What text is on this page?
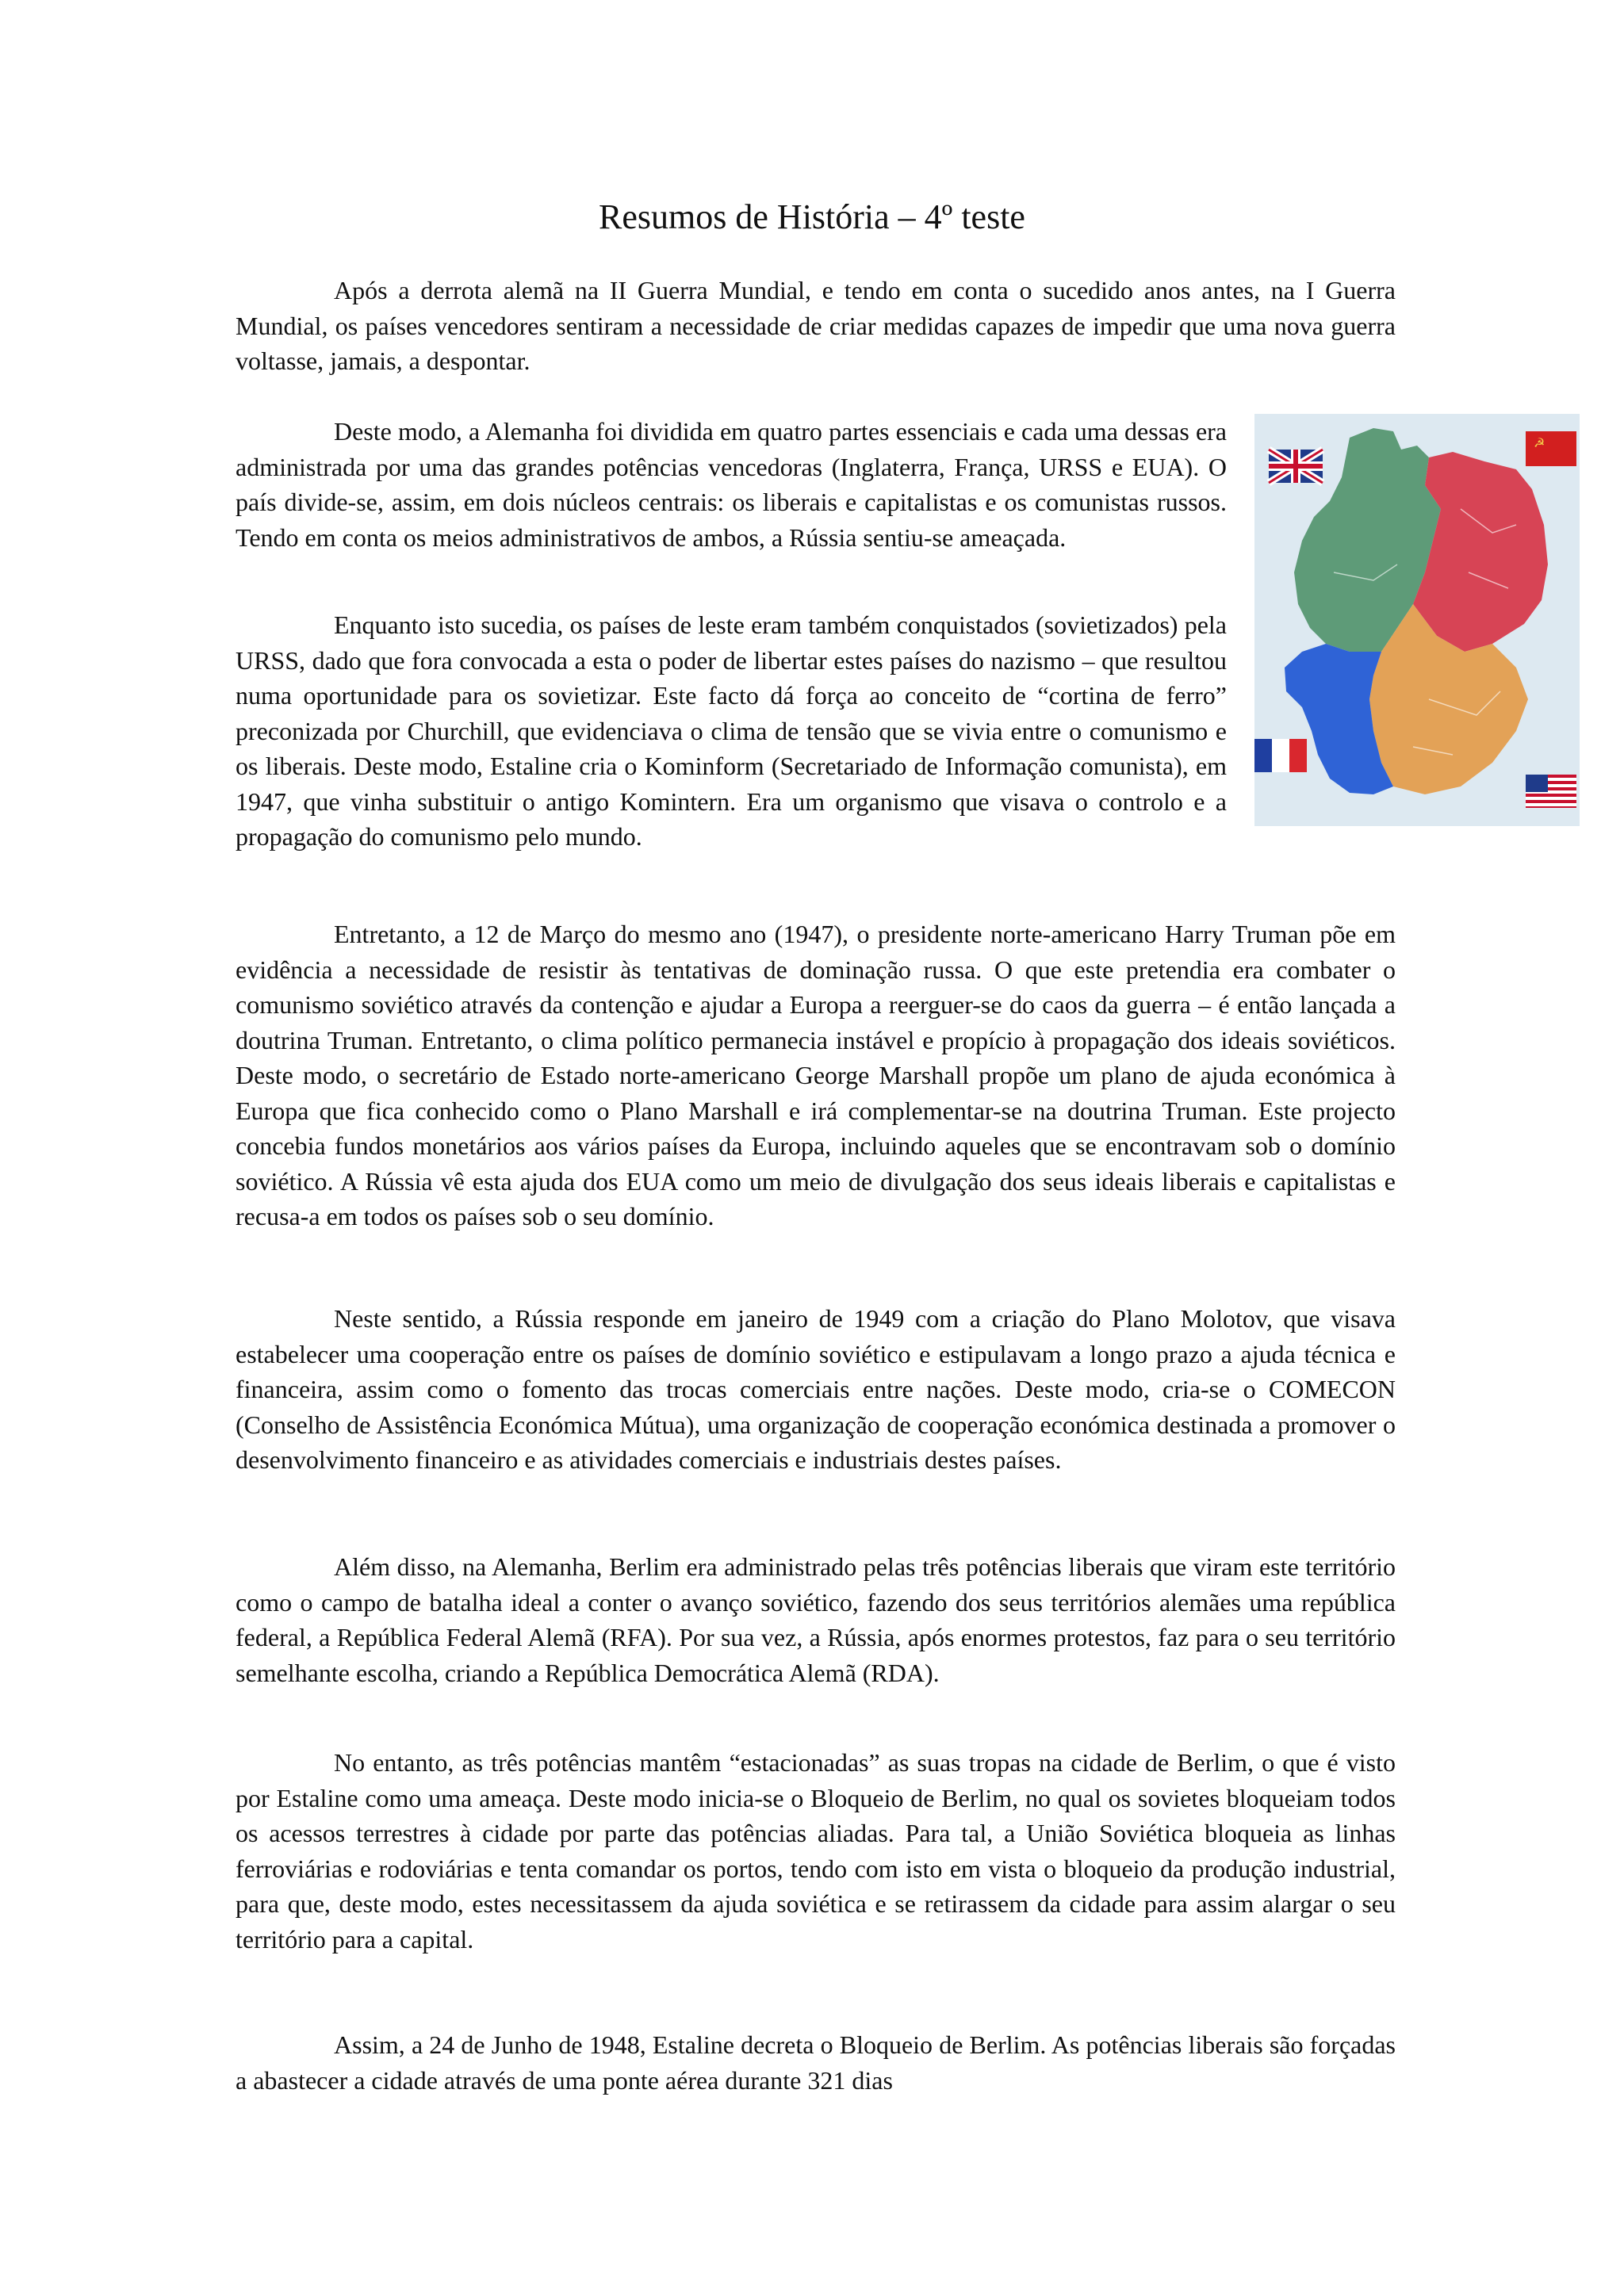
Resumos de História – 4º teste

Após a derrota alemã na II Guerra Mundial, e tendo em conta o sucedido anos antes, na I Guerra Mundial, os países vencedores sentiram a necessidade de criar medidas capazes de impedir que uma nova guerra voltasse, jamais, a despontar.

Deste modo, a Alemanha foi dividida em quatro partes essenciais e cada uma dessas era administrada por uma das grandes potências vencedoras (Inglaterra, França, URSS e EUA). O país divide-se, assim, em dois núcleos centrais: os liberais e capitalistas e os comunistas russos. Tendo em conta os meios administrativos de ambos, a Rússia sentiu-se ameaçada.

Enquanto isto sucedia, os países de leste eram também conquistados (sovietizados) pela URSS, dado que fora convocada a esta o poder de libertar estes países do nazismo – que resultou numa oportunidade para os sovietizar. Este facto dá força ao conceito de “cortina de ferro” preconizada por Churchill, que evidenciava o clima de tensão que se vivia entre o comunismo e os liberais. Deste modo, Estaline cria o Kominform (Secretariado de Informação comunista), em 1947, que vinha substituir o antigo Komintern. Era um organismo que visava o controlo e a propagação do comunismo pelo mundo.

Entretanto, a 12 de Março do mesmo ano (1947), o presidente norte-americano Harry Truman põe em evidência a necessidade de resistir às tentativas de dominação russa. O que este pretendia era combater o comunismo soviético através da contenção e ajudar a Europa a reerguer-se do caos da guerra – é então lançada a doutrina Truman. Entretanto, o clima político permanecia instável e propício à propagação dos ideais soviéticos. Deste modo, o secretário de Estado norte-americano George Marshall propõe um plano de ajuda económica à Europa que fica conhecido como o Plano Marshall e irá complementar-se na doutrina Truman. Este projecto concebia fundos monetários aos vários países da Europa, incluindo aqueles que se encontravam sob o domínio soviético. A Rússia vê esta ajuda dos EUA como um meio de divulgação dos seus ideais liberais e capitalistas e recusa-a em todos os países sob o seu domínio.

Neste sentido, a Rússia responde em janeiro de 1949 com a criação do Plano Molotov, que visava estabelecer uma cooperação entre os países de domínio soviético e estipulavam a longo prazo a ajuda técnica e financeira, assim como o fomento das trocas comerciais entre nações. Deste modo, cria-se o COMECON (Conselho de Assistência Económica Mútua), uma organização de cooperação económica destinada a promover o desenvolvimento financeiro e as atividades comerciais e industriais destes países.

Além disso, na Alemanha, Berlim era administrado pelas três potências liberais que viram este território como o campo de batalha ideal a conter o avanço soviético, fazendo dos seus territórios alemães uma república federal, a República Federal Alemã (RFA). Por sua vez, a Rússia, após enormes protestos, faz para o seu território semelhante escolha, criando a República Democrática Alemã (RDA).

No entanto, as três potências mantêm “estacionadas” as suas tropas na cidade de Berlim, o que é visto por Estaline como uma ameaça. Deste modo inicia-se o Bloqueio de Berlim, no qual os sovietes bloqueiam todos os acessos terrestres à cidade por parte das potências aliadas. Para tal, a União Soviética bloqueia as linhas ferroviárias e rodoviárias e tenta comandar os portos, tendo com isto em vista o bloqueio da produção industrial, para que, deste modo, estes necessitassem da ajuda soviética e se retirassem da cidade para assim alargar o seu território para a capital.

Assim, a 24 de Junho de 1948, Estaline decreta o Bloqueio de Berlim. As potências liberais são forçadas a abastecer a cidade através de uma ponte aérea durante 321 dias

☭
